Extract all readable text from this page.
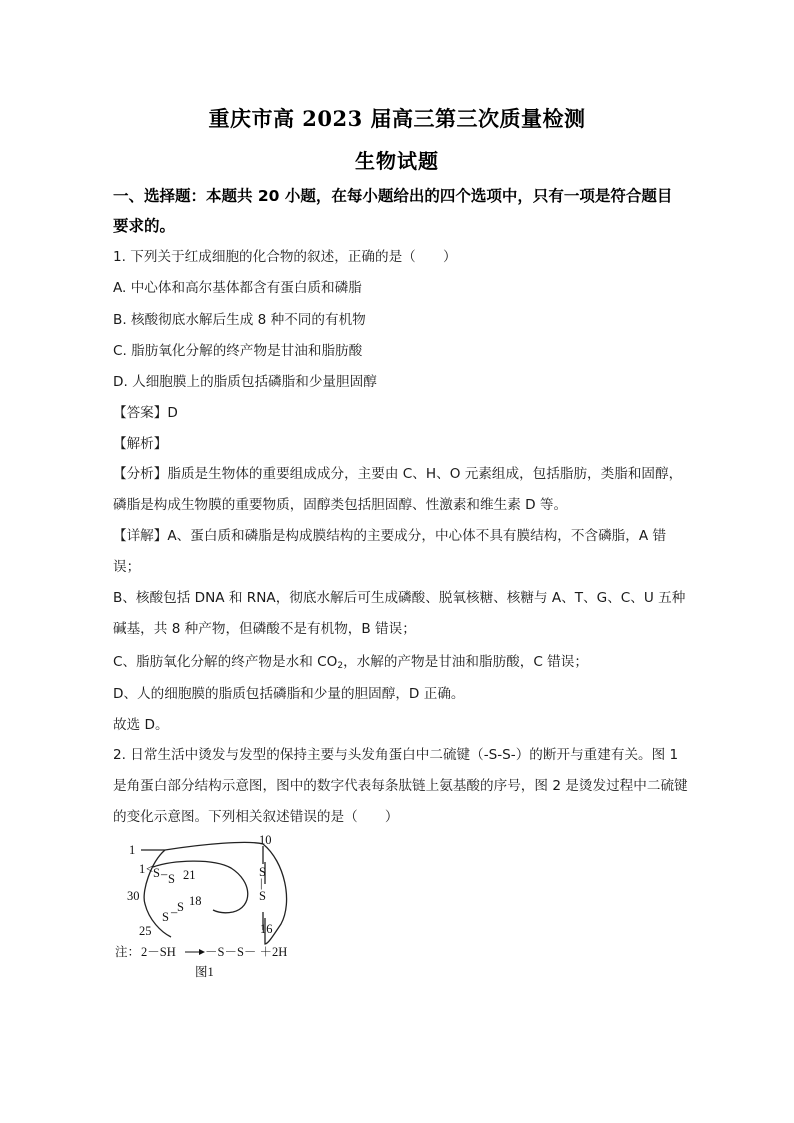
重庆市高 2023 届高三第三次质量检测
生物试题

一、选择题：本题共 20 小题，在每小题给出的四个选项中，只有一项是符合题目要求的。

1. 下列关于红成细胞的化合物的叙述，正确的是（　　）
A. 中心体和高尔基体都含有蛋白质和磷脂
B. 核酸彻底水解后生成 8 种不同的有机物
C. 脂肪氧化分解的终产物是甘油和脂肪酸
D. 人细胞膜上的脂质包括磷脂和少量胆固醇
【答案】D
【解析】
【分析】脂质是生物体的重要组成成分，主要由 C、H、O 元素组成，包括脂肪，类脂和固醇，磷脂是构成生物膜的重要物质，固醇类包括胆固醇、性激素和维生素 D 等。
【详解】A、蛋白质和磷脂是构成膜结构的主要成分，中心体不具有膜结构，不含磷脂，A 错误；
B、核酸包括 DNA 和 RNA，彻底水解后可生成磷酸、脱氧核糖、核糖与 A、T、G、C、U 五种碱基，共 8 种产物，但磷酸不是有机物，B 错误；
C、脂肪氧化分解的终产物是水和 $CO_2$，水解的产物是甘油和脂肪酸，C 错误；
D、人的细胞膜的脂质包括磷脂和少量的胆固醇，D 正确。
故选 D。
2. 日常生活中烫发与发型的保持主要与头发角蛋白中二硫键（-S-S-）的断开与重建有关。图 1 是角蛋白部分结构示意图，图中的数字代表每条肽链上氨基酸的序号，图 2 是烫发过程中二硫键的变化示意图。下列相关叙述错误的是（　　）
1
10
1 < S – S 21	S
|
S
30	18
S
–
S
25	16
注： 2－SH －S－S－ ＋2H
图1
